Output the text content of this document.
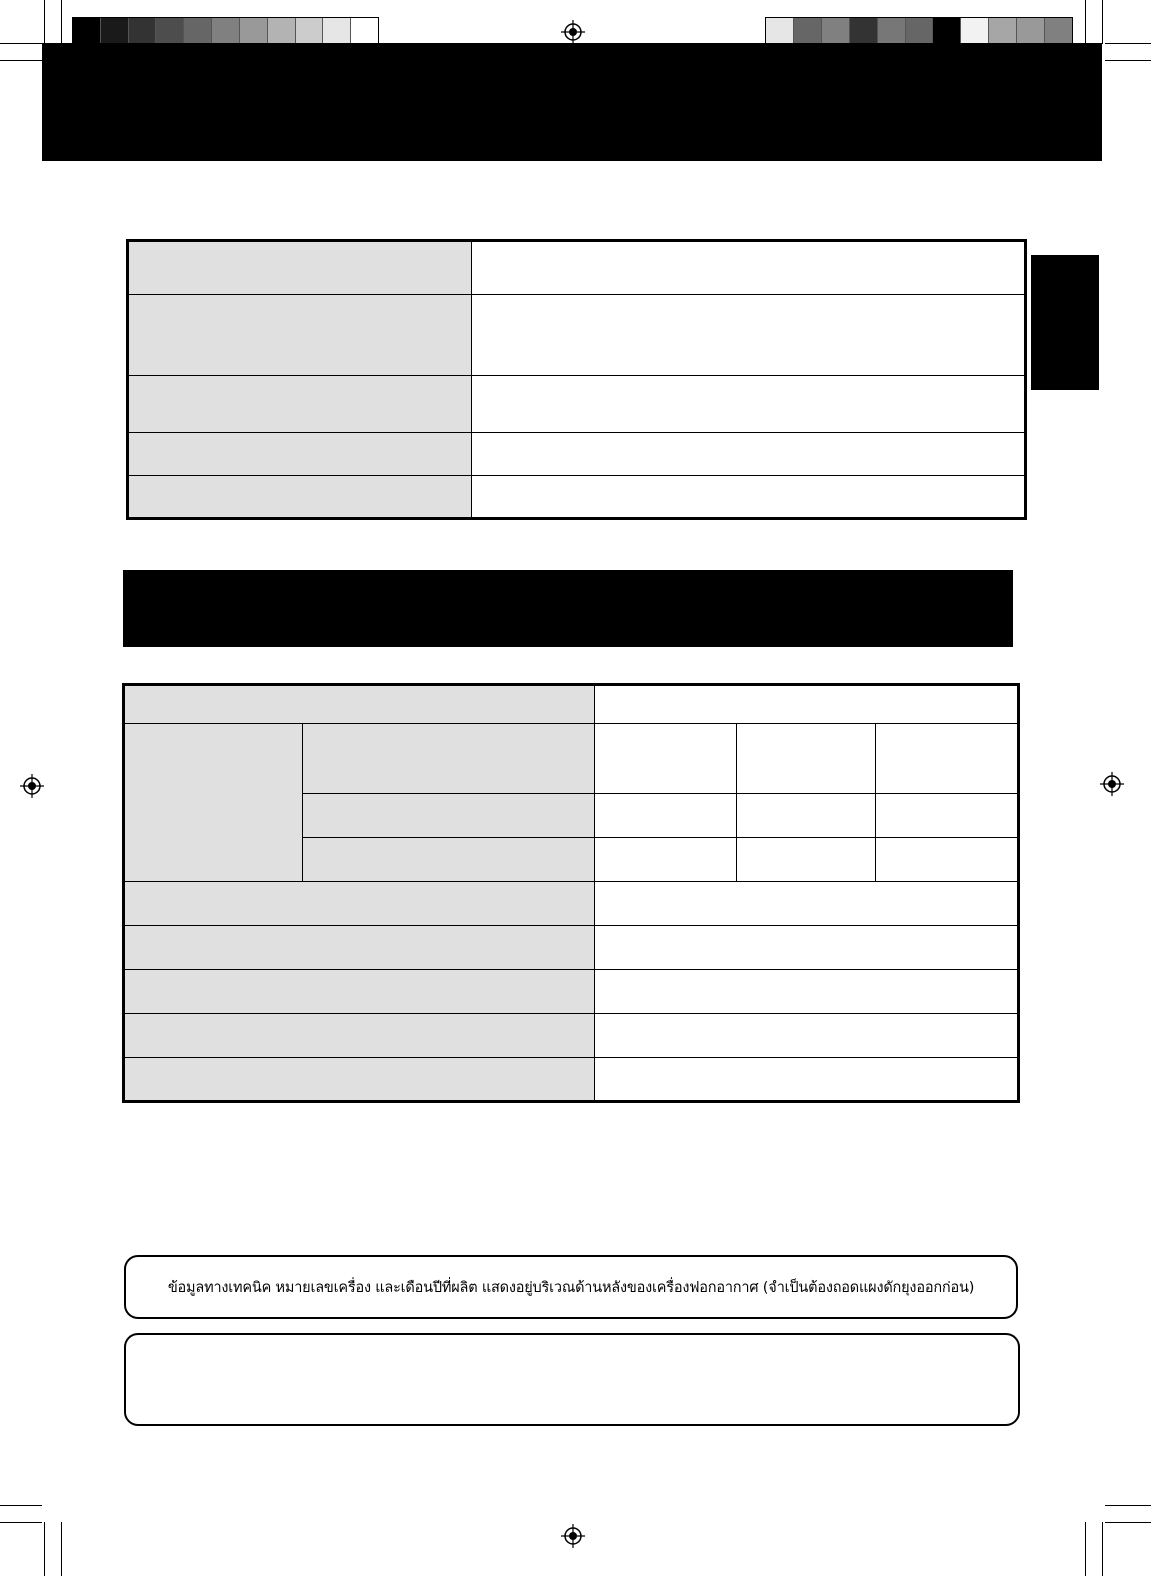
ข้อมูลทางเทคนิค หมายเลขเครื่อง และเดือนปีที่ผลิต แสดงอยู่บริเวณด้านหลังของเครื่องฟอกอากาศ (จำเป็นต้องถอดแผงดักยุงออกก่อน)
